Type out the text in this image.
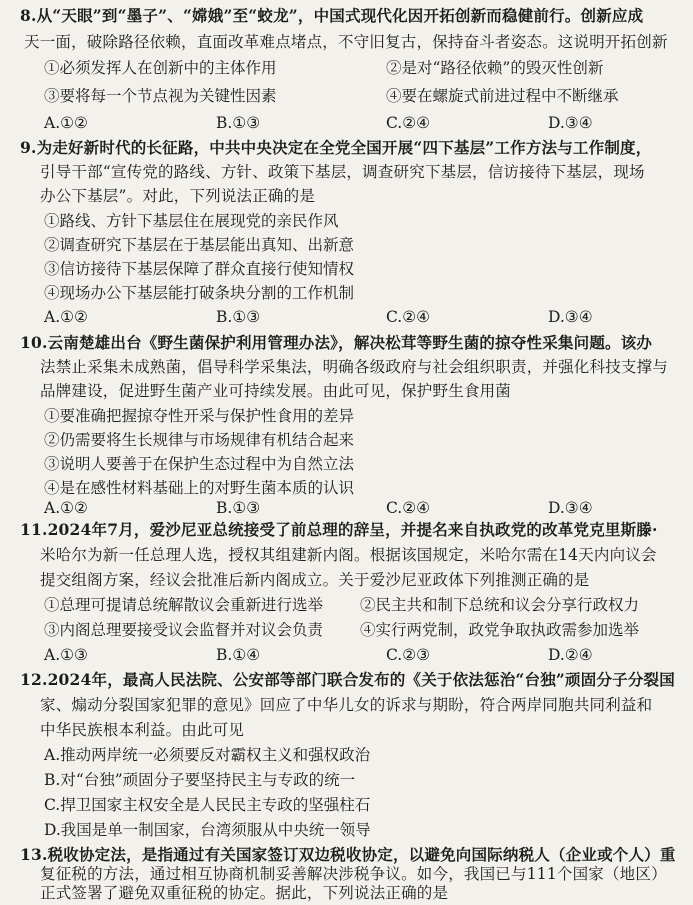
8.从“天眼”到“墨子”、“嫦娥”至“蛟龙”，中国式现代化因开拓创新而稳健前行。创新应成
天一面，破除路径依赖，直面改革难点堵点，不守旧复古，保持奋斗者姿态。这说明开拓创新
①必须发挥人在创新中的主体作用	②是对“路径依赖”的毁灭性创新
③要将每一个节点视为关键性因素	④要在螺旋式前进过程中不断继承
A.①②	B.①③	C.②④	D.③④
9.为走好新时代的长征路，中共中央决定在全党全国开展“四下基层”工作方法与工作制度，
引导干部“宣传党的路线、方针、政策下基层，调查研究下基层，信访接待下基层，现场
办公下基层”。对此，下列说法正确的是
①路线、方针下基层住在展现党的亲民作风
②调查研究下基层在于基层能出真知、出新意
③信访接待下基层保障了群众直接行使知情权
④现场办公下基层能打破条块分割的工作机制
A.①②	B.①③	C.②④	D.③④
10.云南楚雄出台《野生菌保护利用管理办法》，解决松茸等野生菌的掠夺性采集问题。该办
法禁止采集未成熟菌，倡导科学采集法，明确各级政府与社会组织职责，并强化科技支撑与
品牌建设，促进野生菌产业可持续发展。由此可见，保护野生食用菌
①要准确把握掠夺性开采与保护性食用的差异
②仍需要将生长规律与市场规律有机结合起来
③说明人要善于在保护生态过程中为自然立法
④是在感性材料基础上的对野生菌本质的认识
A.①②	B.①③	C.②④	D.③④
11.2024年7月，爱沙尼亚总统接受了前总理的辞呈，并提名来自执政党的改革党克里斯滕·
米哈尔为新一任总理人选，授权其组建新内阁。根据该国规定，米哈尔需在14天内向议会
提交组阁方案，经议会批准后新内阁成立。关于爱沙尼亚政体下列推测正确的是
①总理可提请总统解散议会重新进行选举 ②民主共和制下总统和议会分享行政权力
③内阁总理要接受议会监督并对议会负责 ④实行两党制，政党争取执政需参加选举
A.①③	B.①④	C.②③	D.②④
12.2024年，最高人民法院、公安部等部门联合发布的《关于依法惩治“台独”顽固分子分裂国
家、煽动分裂国家犯罪的意见》回应了中华儿女的诉求与期盼，符合两岸同胞共同利益和
中华民族根本利益。由此可见
A.推动两岸统一必须要反对霸权主义和强权政治
B.对“台独”顽固分子要坚持民主与专政的统一
C.捍卫国家主权安全是人民民主专政的坚强柱石
D.我国是单一制国家，台湾须服从中央统一领导
13.税收协定法，是指通过有关国家签订双边税收协定，以避免向国际纳税人（企业或个人）重
复征税的方法，通过相互协商机制妥善解决涉税争议。如今，我国已与111个国家（地区）
正式签署了避免双重征税的协定。据此，下列说法正确的是
